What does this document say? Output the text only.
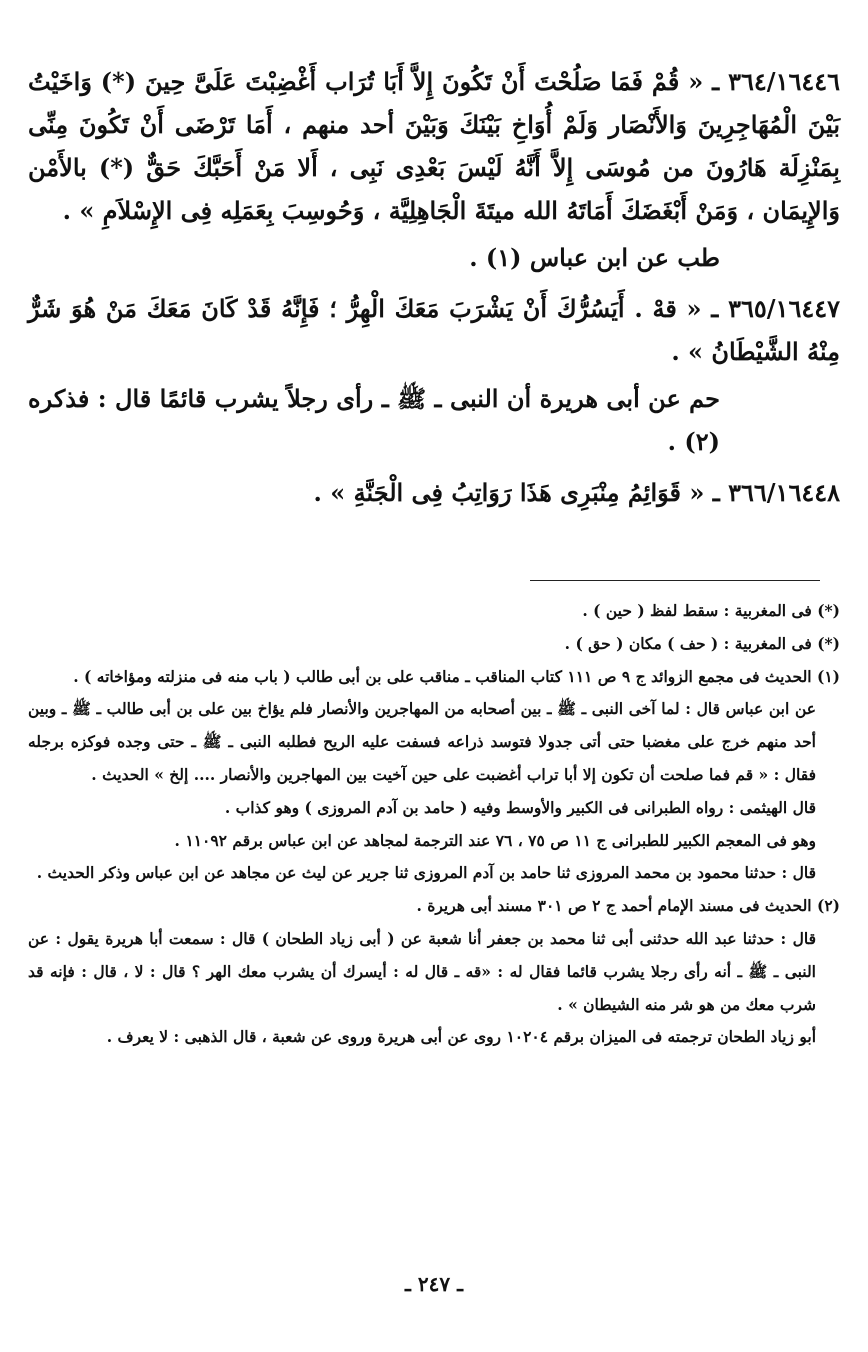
٣٦٤/١٦٤٤٦ ـ « قُمْ فَمَا صَلُحْتَ أَنْ تَكُونَ إِلاَّ أَبَا تُرَاب أَغْضِبْتَ عَلَىَّ حِينَ (*) وَاخَيْتُ بَيْنَ الْمُهَاجِرِينَ وَالأَنْصَار وَلَمْ أُوَاخِ بَيْنَكَ وَبَيْنَ أحد منهم ، أَمَا تَرْضَى أَنْ تَكُونَ مِنِّى بِمَنْزِلَة هَارُونَ من مُوسَى إِلاَّ أَنَّهُ لَيْسَ بَعْدِى نَبِى ، أَلا مَنْ أَحَبَّكَ حَقٌّ (*) بالأَمْن وَالإِيمَان ، وَمَنْ أَبْغَضَكَ أَمَاتَهُ الله ميتَةَ الْجَاهِلِيَّة ، وَحُوسِبَ بِعَمَلِه فِى الإِسْلاَمِ » .

طب عن ابن عباس (١) .

٣٦٥/١٦٤٤٧ ـ « قهْ . أَيَسُرُّكَ أَنْ يَشْرَبَ مَعَكَ الْهِرُّ ؛ فَإِنَّهُ قَدْ كَانَ مَعَكَ مَنْ هُوَ شَرٌّ مِنْهُ الشَّيْطَانُ » .

حم عن أبى هريرة أن النبى ـ ﷺ ـ رأى رجلاً يشرب قائمًا قال : فذكره (٢) .

٣٦٦/١٦٤٤٨ ـ « قَوَائِمُ مِنْبَرِى هَذَا رَوَاتِبُ فِى الْجَنَّةِ » .

(*) فى المغربية : سقط لفظ ( حين ) .

(*) فى المغربية : ( حف ) مكان ( حق ) .

(١) الحديث فى مجمع الزوائد ج ٩ ص ١١١ كتاب المناقب ـ مناقب على بن أبى طالب ( باب منه فى منزلته ومؤاخاته ) .

عن ابن عباس قال : لما آخى النبى ـ ﷺ ـ بين أصحابه من المهاجرين والأنصار فلم يؤاخ بين على بن أبى طالب ـ ﷺ ـ وبين أحد منهم خرج على مغضبا حتى أتى جدولا فتوسد ذراعه فسفت عليه الريح فطلبه النبى ـ ﷺ ـ حتى وجده فوكزه برجله فقال : « قم فما صلحت أن تكون إلا أبا تراب أغضبت على حين آخيت بين المهاجرين والأنصار .... إلخ » الحديث .

قال الهيثمى : رواه الطبرانى فى الكبير والأوسط وفيه ( حامد بن آدم المروزى ) وهو كذاب .

وهو فى المعجم الكبير للطبرانى ج ١١ ص ٧٥ ، ٧٦ عند الترجمة لمجاهد عن ابن عباس برقم ١١٠٩٢ .

قال : حدثنا محمود بن محمد المروزى ثنا حامد بن آدم المروزى ثنا جرير عن ليث عن مجاهد عن ابن عباس وذكر الحديث .

(٢) الحديث فى مسند الإمام أحمد ج ٢ ص ٣٠١ مسند أبى هريرة .

قال : حدثنا عبد الله حدثنى أبى ثنا محمد بن جعفر أنا شعبة عن ( أبى زياد الطحان ) قال : سمعت أبا هريرة يقول : عن النبى ـ ﷺ ـ أنه رأى رجلا يشرب قائما فقال له : «قه ـ قال له : أيسرك أن يشرب معك الهر ؟ قال : لا ، قال : فإنه قد شرب معك من هو شر منه الشيطان » .

أبو زياد الطحان ترجمته فى الميزان برقم ١٠٢٠٤ روى عن أبى هريرة وروى عن شعبة ، قال الذهبى : لا يعرف .

ـ ٢٤٧ ـ
